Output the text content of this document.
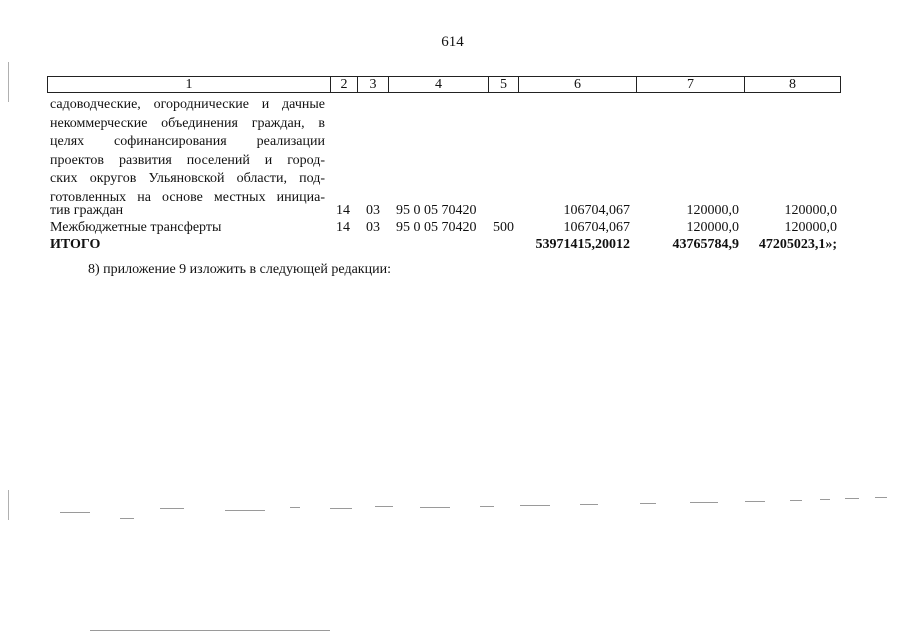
614
1	2	3	4	5	6	7	8
садоводческие, огороднические и дачные
некоммерческие объединения граждан, в
целях софинансирования реализации
проектов развития поселений и город-
ских округов Ульяновской области, под-
готовленных на основе местных инициа-
тив граждан	14 03 95 0 05 70420	106704,067	120000,0	120000,0
Межбюджетные трансферты	14 03 95 0 05 70420 500	106704,067	120000,0	120000,0
ИТОГО	53971415,20012	43765784,9	47205023,1»;
8) приложение 9 изложить в следующей редакции:
